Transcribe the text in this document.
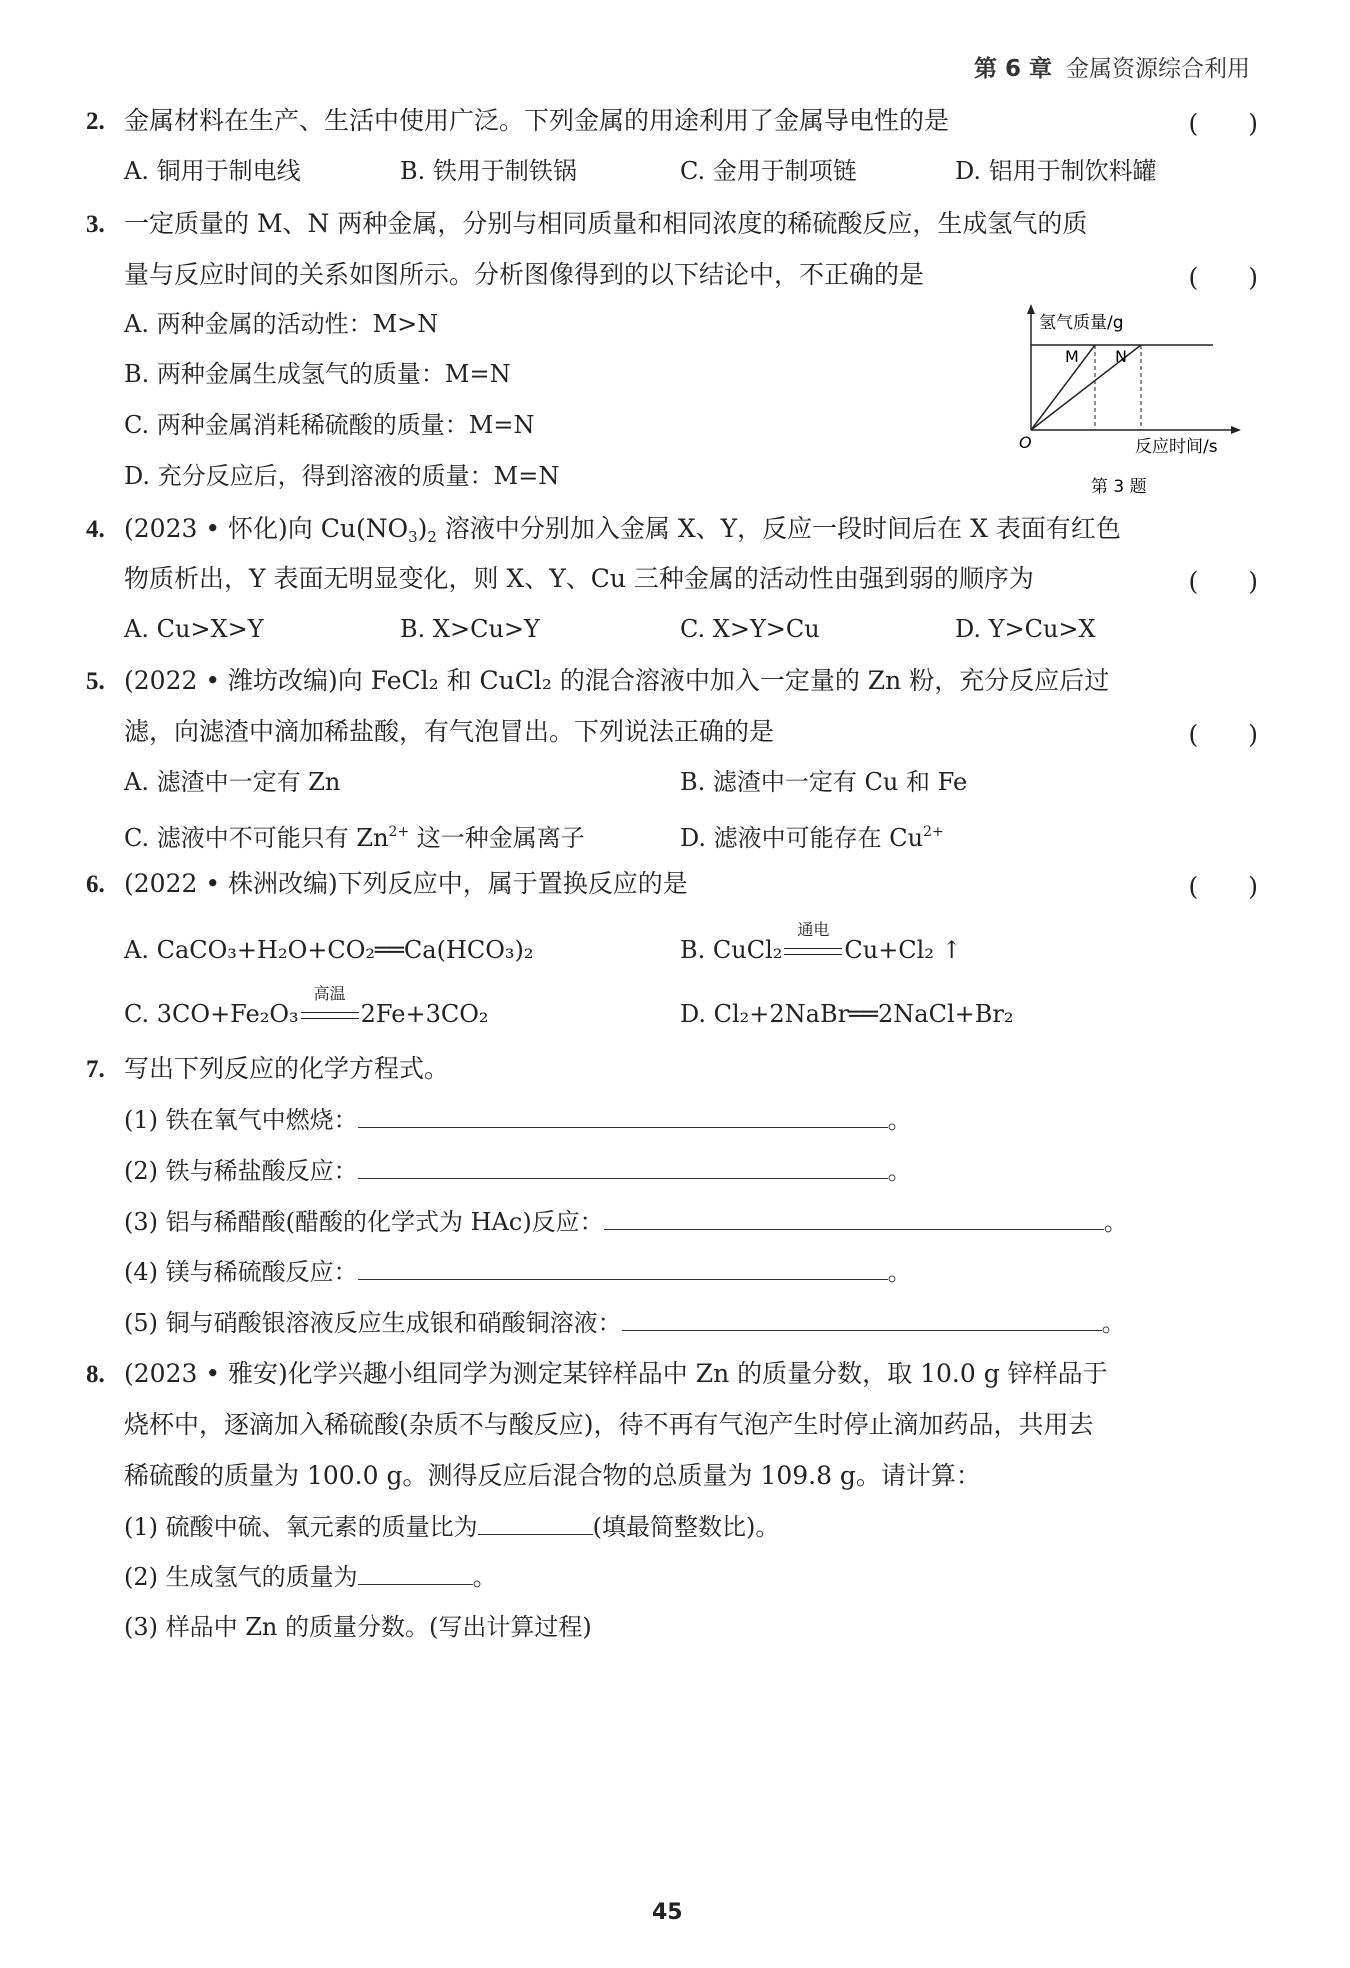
第 6 章 金属资源综合利用
2. 金属材料在生产、生活中使用广泛。下列金属的用途利用了金属导电性的是	(　　)
A. 铜用于制电线	B. 铁用于制铁锅	C. 金用于制项链	D. 铝用于制饮料罐
3. 一定质量的 M、N 两种金属，分别与相同质量和相同浓度的稀硫酸反应，生成氢气的质
量与反应时间的关系如图所示。分析图像得到的以下结论中，不正确的是	(　　)
A. 两种金属的活动性：M>N
B. 两种金属生成氢气的质量：M=N
C. 两种金属消耗稀硫酸的质量：M=N
D. 充分反应后，得到溶液的质量：M=N
氢气质量/g
反应时间/s
O
M N
第 3 题
4. (2023 • 怀化)向 $Cu(NO_3)_2$ 溶液中分别加入金属 X、Y，反应一段时间后在 X 表面有红色
物质析出，Y 表面无明显变化，则 X、Y、Cu 三种金属的活动性由强到弱的顺序为	(　　)
A. Cu>X>Y	B. X>Cu>Y	C. X>Y>Cu	D. Y>Cu>X
5. (2022 • 潍坊改编)向 FeCl₂ 和 CuCl₂ 的混合溶液中加入一定量的 Zn 粉，充分反应后过
滤，向滤渣中滴加稀盐酸，有气泡冒出。下列说法正确的是	(　　)
A. 滤渣中一定有 Zn	B. 滤渣中一定有 Cu 和 Fe
C. 滤液中不可能只有 $Zn^{2+}$ 这一种金属离子	D. 滤液中可能存在 $Cu^{2+}$
6. (2022 • 株洲改编)下列反应中，属于置换反应的是	(　　)
A. CaCO₃+H₂O+CO₂══Ca(HCO₃)₂	B. CuCl₂
通电
Cu+Cl₂ ↑
C. 3CO+Fe₂O₃
高温
2Fe+3CO₂	D. Cl₂+2NaBr══2NaCl+Br₂
7. 写出下列反应的化学方程式。
(1) 铁在氧气中燃烧：	。
(2) 铁与稀盐酸反应：	。
(3) 铝与稀醋酸(醋酸的化学式为 HAc)反应：	。
(4) 镁与稀硫酸反应：	。
(5) 铜与硝酸银溶液反应生成银和硝酸铜溶液：	。
8. (2023 • 雅安)化学兴趣小组同学为测定某锌样品中 Zn 的质量分数，取 10.0 g 锌样品于
烧杯中，逐滴加入稀硫酸(杂质不与酸反应)，待不再有气泡产生时停止滴加药品，共用去
稀硫酸的质量为 100.0 g。测得反应后混合物的总质量为 109.8 g。请计算：
(1) 硫酸中硫、氧元素的质量比为	(填最简整数比)。
(2) 生成氢气的质量为	。
(3) 样品中 Zn 的质量分数。(写出计算过程)
45
